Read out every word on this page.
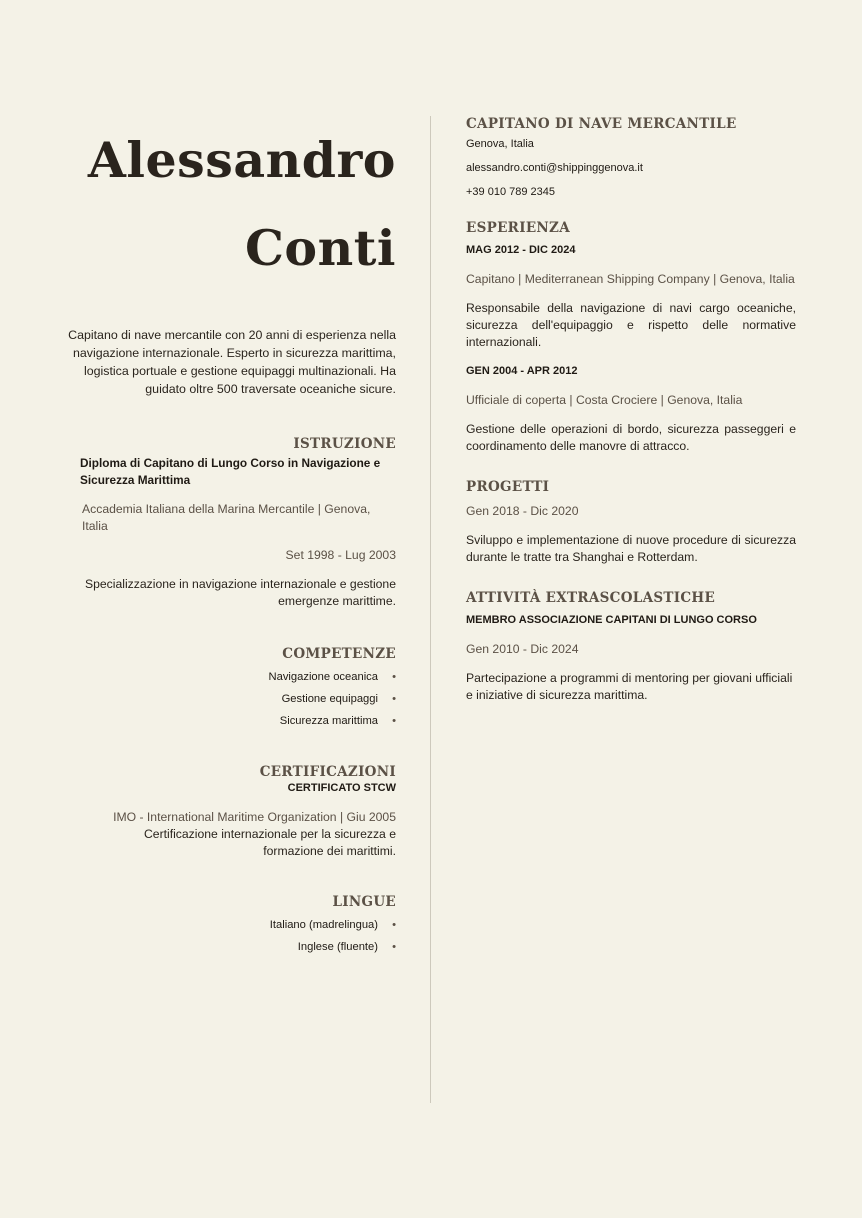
Alessandro
Conti
Capitano di nave mercantile con 20 anni di esperienza nella navigazione internazionale. Esperto in sicurezza marittima, logistica portuale e gestione equipaggi multinazionali. Ha guidato oltre 500 traversate oceaniche sicure.
ISTRUZIONE
Diploma di Capitano di Lungo Corso in Navigazione e Sicurezza Marittima
Accademia Italiana della Marina Mercantile | Genova, Italia
Set 1998 - Lug 2003
Specializzazione in navigazione internazionale e gestione emergenze marittime.
COMPETENZE
Navigazione oceanica •
Gestione equipaggi •
Sicurezza marittima •
CERTIFICAZIONI
CERTIFICATO STCW
IMO - International Maritime Organization | Giu 2005
Certificazione internazionale per la sicurezza e formazione dei marittimi.
LINGUE
Italiano (madrelingua) •
Inglese (fluente) •
CAPITANO DI NAVE MERCANTILE
Genova, Italia
alessandro.conti@shippinggenova.it
+39 010 789 2345
ESPERIENZA
MAG 2012 - DIC 2024
Capitano | Mediterranean Shipping Company | Genova, Italia
Responsabile della navigazione di navi cargo oceaniche, sicurezza dell'equipaggio e rispetto delle normative internazionali.
GEN 2004 - APR 2012
Ufficiale di coperta | Costa Crociere | Genova, Italia
Gestione delle operazioni di bordo, sicurezza passeggeri e coordinamento delle manovre di attracco.
PROGETTI
Gen 2018 - Dic 2020
Sviluppo e implementazione di nuove procedure di sicurezza durante le tratte tra Shanghai e Rotterdam.
ATTIVITÀ EXTRASCOLASTICHE
MEMBRO ASSOCIAZIONE CAPITANI DI LUNGO CORSO
Gen 2010 - Dic 2024
Partecipazione a programmi di mentoring per giovani ufficiali e iniziative di sicurezza marittima.
